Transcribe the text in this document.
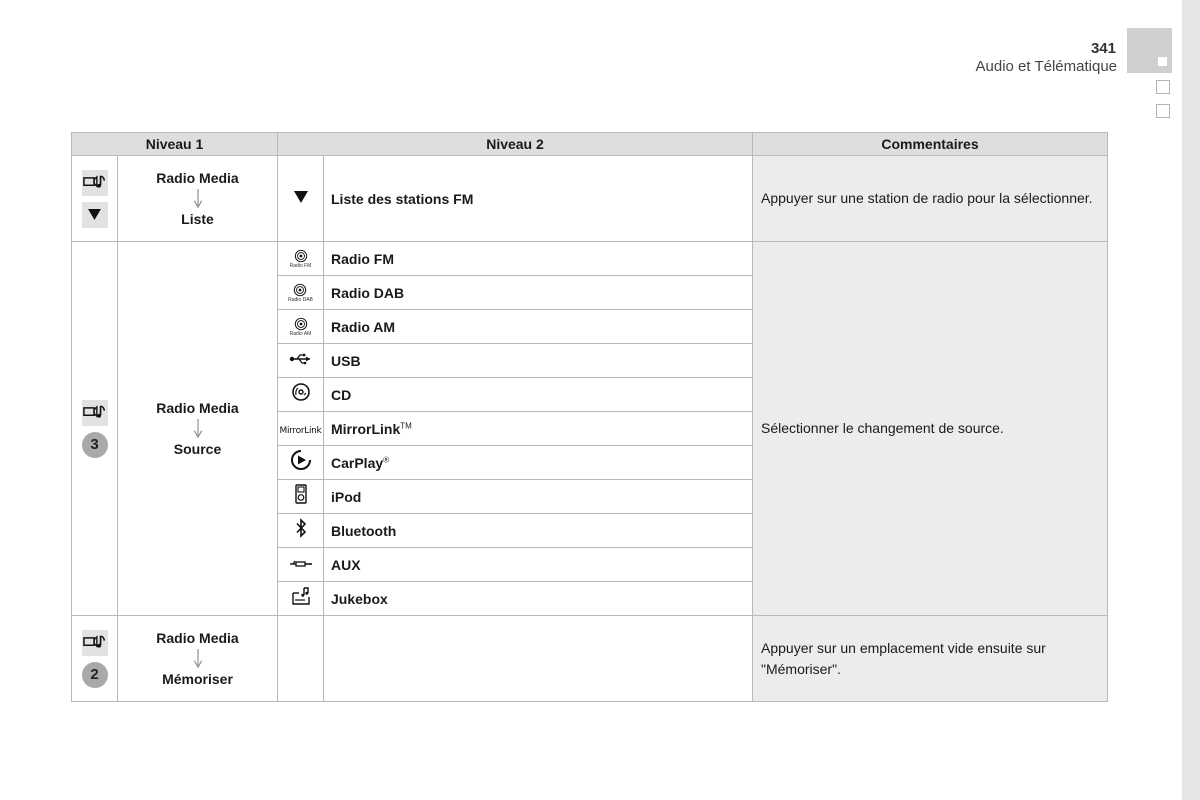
341
Audio et Télématique
Niveau 1		Niveau 2		Commentaires

Radio Media
Liste		Liste des stations FM	Appuyer sur une station de radio pour la sélectionner.

3	Radio Media
Source	Radio FM	Radio FM	Sélectionner le changement de source.

		Radio DAB	Radio DAB	

		Radio AM	Radio AM	
	USB	
	CD	
		MirrorLink	MirrorLink™
	CarPlay®
	iPod	
	Bluetooth	
	AUX	
	Jukebox	

2	Radio Media
Mémoriser			Appuyer sur un emplacement vide ensuite sur "Mémoriser".
